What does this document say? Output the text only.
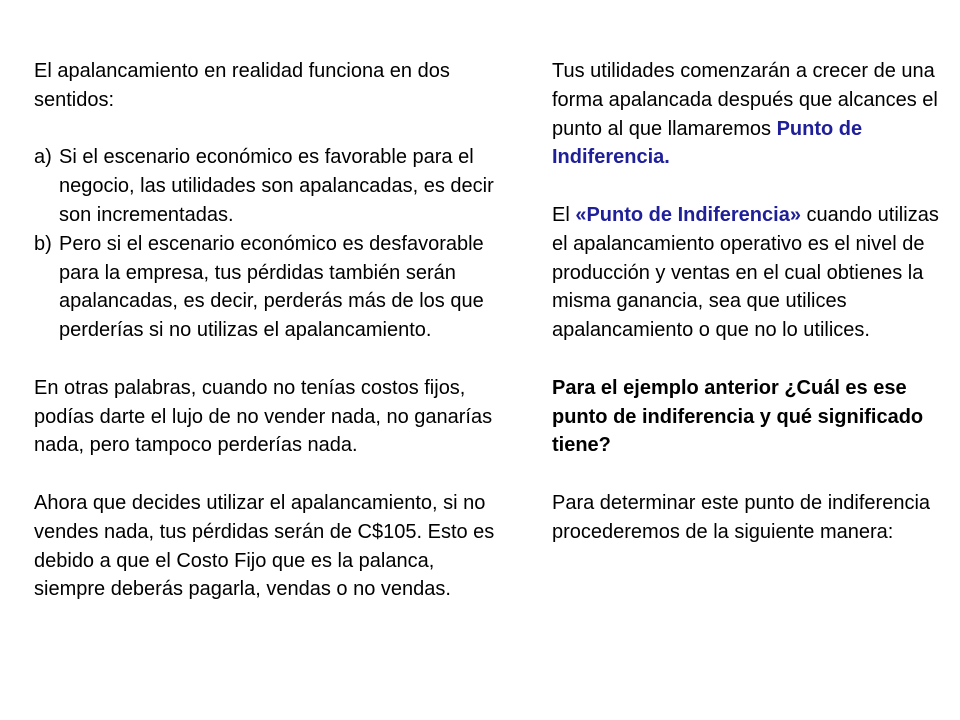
El apalancamiento en realidad funciona en dos sentidos:

a) Si el escenario económico es favorable para el negocio, las utilidades son apalancadas, es decir son incrementadas.
b) Pero si el escenario económico es desfavorable para la empresa, tus pérdidas también serán apalancadas, es decir, perderás más de los que perderías si no utilizas el apalancamiento.

En otras palabras, cuando no tenías costos fijos, podías darte el lujo de no vender nada, no ganarías nada, pero tampoco perderías nada.

Ahora que decides utilizar el apalancamiento, si no vendes nada, tus pérdidas serán de C$105. Esto es debido a que el Costo Fijo que es la palanca, siempre deberás pagarla, vendas o no vendas.

Tus utilidades comenzarán a crecer de una forma apalancada después que alcances el punto al que llamaremos Punto de Indiferencia.

El «Punto de Indiferencia» cuando utilizas el apalancamiento operativo es el nivel de producción y ventas en el cual obtienes la misma ganancia, sea que utilices apalancamiento o que no lo utilices.

Para el ejemplo anterior ¿Cuál es ese punto de indiferencia y qué significado tiene?

Para determinar este punto de indiferencia procederemos de la siguiente manera:
